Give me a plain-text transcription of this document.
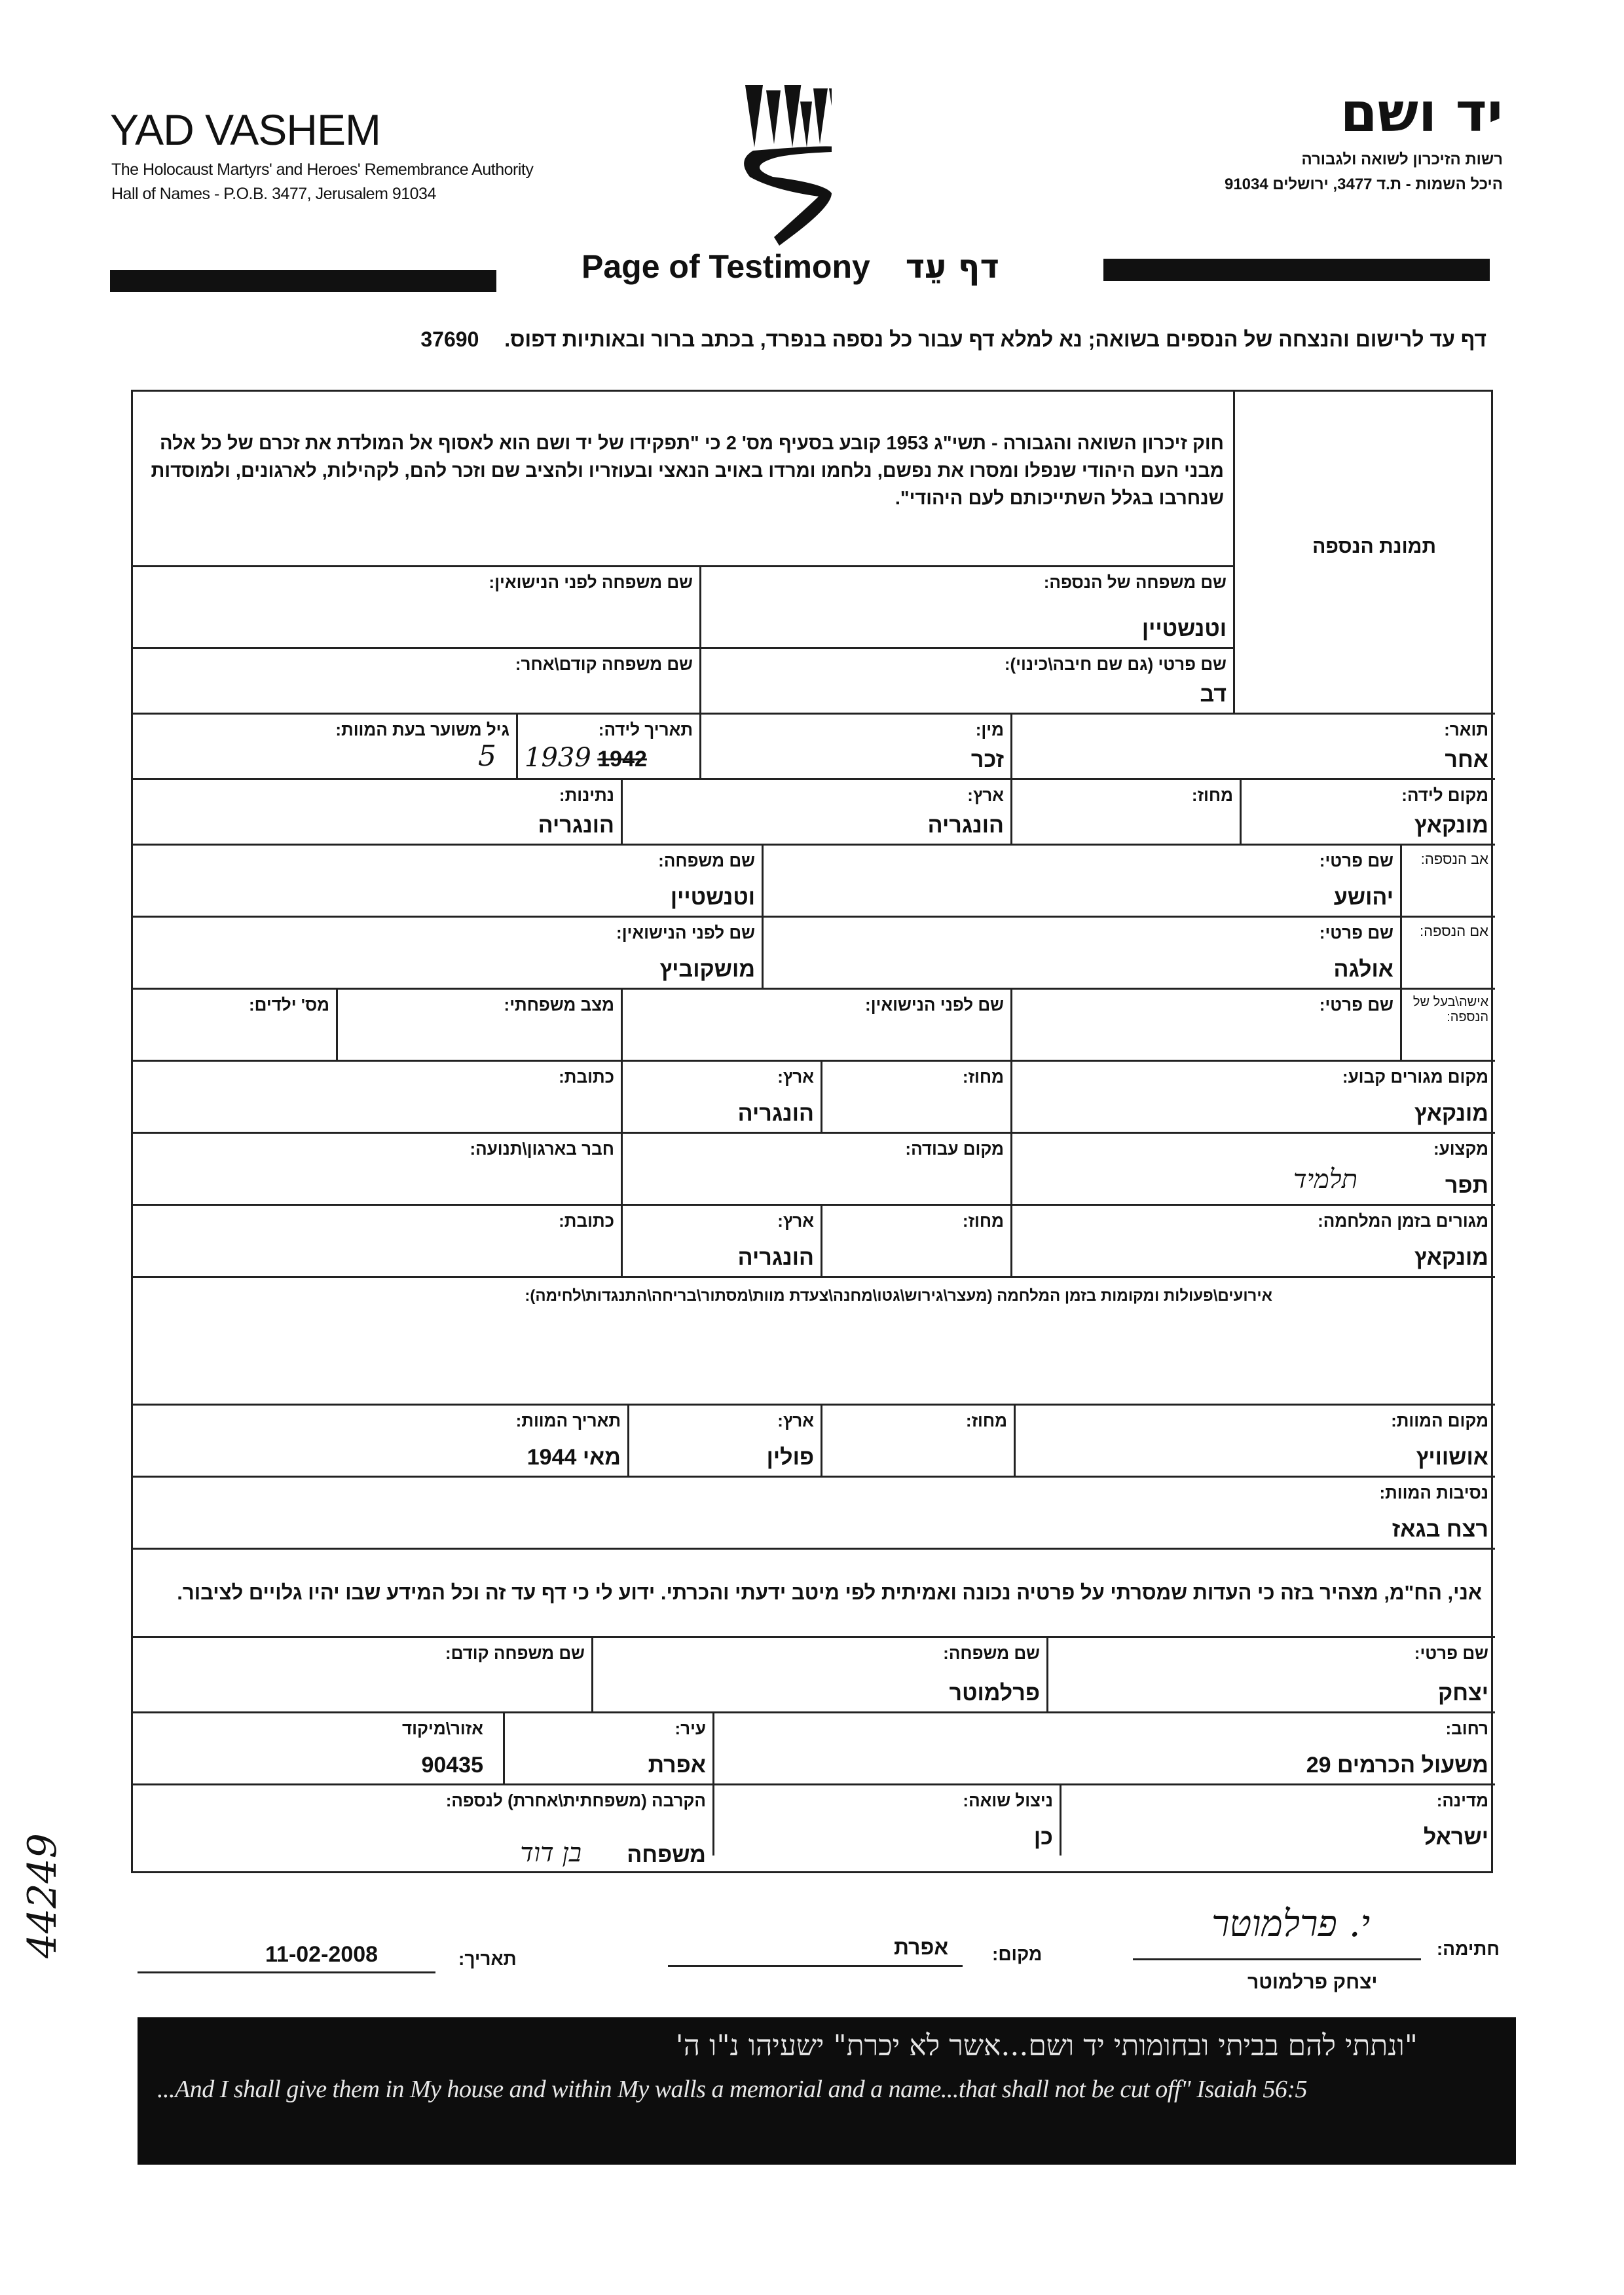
YAD VASHEM
The Holocaust Martyrs' and Heroes' Remembrance Authority
Hall of Names - P.O.B. 3477, Jerusalem 91034
יד ושם
רשות הזיכרון לשואה ולגבורה
היכל השמות - ת.ד 3477, ירושלים 91034
Page of Testimony דף עֵד
דף עד לרישום והנצחה של הנספים בשואה; נא למלא דף עבור כל נספה בנפרד, בכתב ברור ובאותיות דפוס. 37690
תמונת הנספה
חוק זיכרון השואה והגבורה - תשי"ג 1953 קובע בסעיף מס' 2 כי "תפקידו של יד ושם הוא לאסוף אל המולדת את זכרם של כל אלה מבני העם היהודי שנפלו ומסרו את נפשם, נלחמו ומרדו באויב הנאצי ובעוזריו ולהציב שם וזכר להם, לקהילות, לארגונים, ולמוסדות שנחרבו בגלל השתייכותם לעם היהודי".
שם משפחה של הנספה:
וטנשטיין
שם משפחה לפני הנישואין:
שם פרטי (גם שם חיבה\כינוי):
דב
שם משפחה קודם\אחר:
תואר:
אחר
מין:
זכר
תאריך לידה:
1939 1942
גיל משוער בעת המוות:
5
מקום לידה:
מונקאץ
מחוז:
ארץ:
הונגריה
נתינות:
הונגריה
אב הנספה:
שם פרטי:
יהושע
שם משפחה:
וטנשטיין
אם הנספה:
שם פרטי:
אולגה
שם לפני הנישואין:
מושקוביץ
אישה\בעל של הנספה:
שם פרטי:
שם לפני הנישואין:
מצב משפחתי:
מס' ילדים:
מקום מגורים קבוע:
מונקאץ
מחוז:
ארץ:
הונגריה
כתובת:
מקצוע:
תפר
תלמיד
מקום עבודה:
חבר בארגון\תנועה:
מגורים בזמן המלחמה:
מונקאץ
מחוז:
ארץ:
הונגריה
כתובת:
אירועים\פעולות ומקומות בזמן המלחמה (מעצר\גירוש\גטו\מחנה\צעדת מוות\מסתור\בריחה\התנגדות\לחימה):
מקום המוות:
אושוויץ
מחוז:
ארץ:
פולין
תאריך המוות:
מאי 1944
נסיבות המוות:
רצח בגאז
אני, הח"מ, מצהיר בזה כי העדות שמסרתי על פרטיה נכונה ואמיתית לפי מיטב ידעתי והכרתי. ידוע לי כי דף עד זה וכל המידע שבו יהיו גלויים לציבור.
שם פרטי:
יצחק
שם משפחה:
פרלמוטר
שם משפחה קודם:
רחוב:
משעול הכרמים 29
עיר:
אפרת
אזור\מיקוד
90435
מדינה:
ישראל
ניצול שואה:
כן
הקרבה (משפחתית\אחרת) לנספה:
משפחה
בן דוד
חתימה:
י. פרלמוטר
יצחק פרלמוטר
מקום:
אפרת
תאריך:
11-02-2008
"ונתתי להם בביתי ובחומותי יד ושם...אשר לא יכרת" ישעיהו נ"ו ה'
...And I shall give them in My house and within My walls a memorial and a name...that shall not be cut off" Isaiah 56:5
44249
